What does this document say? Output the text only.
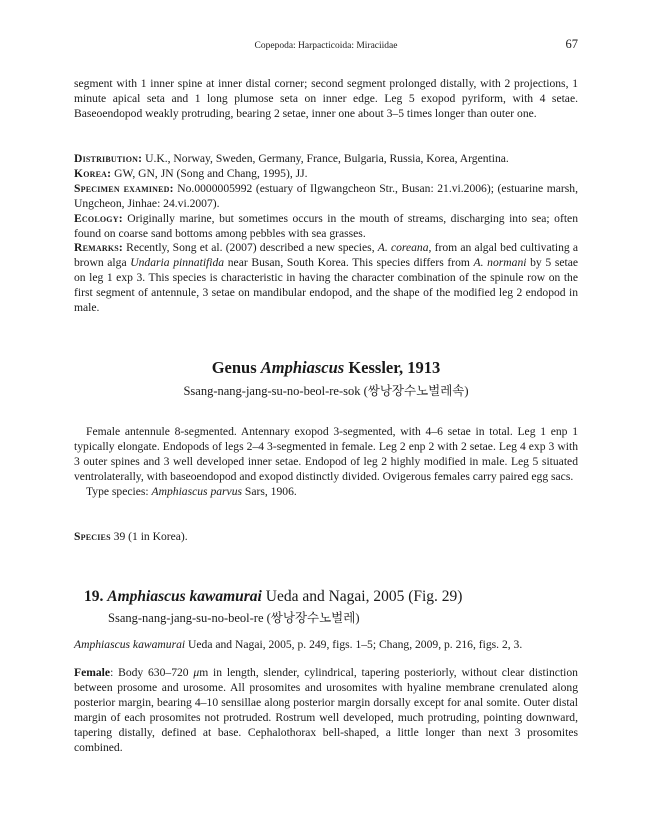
Copepoda: Harpacticoida: Miraciidae	67

segment with 1 inner spine at inner distal corner; second segment prolonged distally, with 2 projections, 1 minute apical seta and 1 long plumose seta on inner edge. Leg 5 exopod pyriform, with 4 setae. Baseoendopod weakly protruding, bearing 2 setae, inner one about 3–5 times longer than outer one.

Distribution: U.K., Norway, Sweden, Germany, France, Bulgaria, Russia, Korea, Argentina.

Korea: GW, GN, JN (Song and Chang, 1995), JJ.

Specimen examined: No.0000005992 (estuary of Ilgwangcheon Str., Busan: 21.vi.2006); (estuarine marsh, Ungcheon, Jinhae: 24.vi.2007).

Ecology: Originally marine, but sometimes occurs in the mouth of streams, discharging into sea; often found on coarse sand bottoms among pebbles with sea grasses.

Remarks: Recently, Song et al. (2007) described a new species, A. coreana, from an algal bed cultivating a brown alga Undaria pinnatifida near Busan, South Korea. This species differs from A. normani by 5 setae on leg 1 exp 3. This species is characteristic in having the character combination of the spinule row on the first segment of antennule, 3 setae on mandibular endopod, and the shape of the modified leg 2 endopod in male.

Genus Amphiascus Kessler, 1913
Ssang-nang-jang-su-no-beol-re-sok (쌍낭장수노벌레속)

Female antennule 8-segmented. Antennary exopod 3-segmented, with 4–6 setae in total. Leg 1 enp 1 typically elongate. Endopods of legs 2–4 3-segmented in female. Leg 2 enp 2 with 2 setae. Leg 4 exp 3 with 3 outer spines and 3 well developed inner setae. Endopod of leg 2 highly modified in male. Leg 5 situated ventrolaterally, with baseoendopod and exopod distinctly divided. Ovigerous females carry paired egg sacs.

Type species: Amphiascus parvus Sars, 1906.

Species 39 (1 in Korea).

19. Amphiascus kawamurai Ueda and Nagai, 2005 (Fig. 29)
Ssang-nang-jang-su-no-beol-re (쌍낭장수노벌레)

Amphiascus kawamurai Ueda and Nagai, 2005, p. 249, figs. 1–5; Chang, 2009, p. 216, figs. 2, 3.

Female: Body 630–720 μm in length, slender, cylindrical, tapering posteriorly, without clear distinction between prosome and urosome. All prosomites and urosomites with hyaline membrane crenulated along posterior margin, bearing 4–10 sensillae along posterior margin dorsally except for anal somite. Outer distal margin of each prosomites not protruded. Rostrum well developed, much protruding, pointing downward, tapering distally, defined at base. Cephalothorax bell-shaped, a little longer than next 3 prosomites combined.
